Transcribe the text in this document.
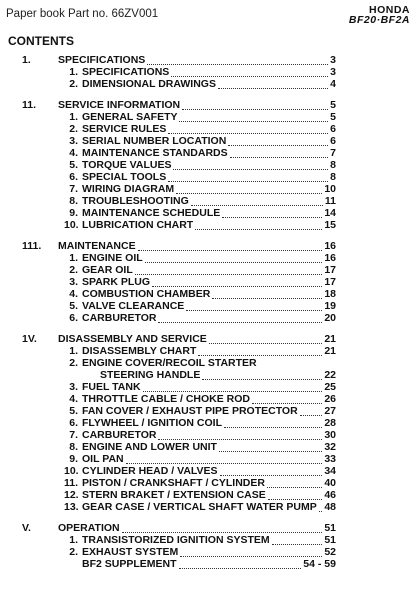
Paper book Part no. 66ZV001	HONDA
BF20·BF2A
CONTENTS
1.	SPECIFICATIONS	3
1. SPECIFICATIONS	3
2. DIMENSIONAL DRAWINGS	4
11. SERVICE INFORMATION	5
1. GENERAL SAFETY	5
2. SERVICE RULES	6
3. SERIAL NUMBER LOCATION	6
4. MAINTENANCE STANDARDS	7
5. TORQUE VALUES	8
6. SPECIAL TOOLS	8
7. WIRING DIAGRAM	10
8. TROUBLESHOOTING	11
9. MAINTENANCE SCHEDULE	14
10. LUBRICATION CHART	15
111. MAINTENANCE	16
1. ENGINE OIL	16
2. GEAR OIL	17
3. SPARK PLUG	17
4. COMBUSTION CHAMBER	18
5. VALVE CLEARANCE	19
6. CARBURETOR	20
1V. DISASSEMBLY AND SERVICE	21
1. DISASSEMBLY CHART	21
2. ENGINE COVER/RECOIL STARTER
STEERING HANDLE	22
3. FUEL TANK	25
4. THROTTLE CABLE / CHOKE ROD	26
5. FAN COVER / EXHAUST PIPE PROTECTOR	27
6. FLYWHEEL / IGNITION COIL	28
7. CARBURETOR	30
8. ENGINE AND LOWER UNIT	32
9. OIL PAN	33
10. CYLINDER HEAD / VALVES	34
11. PISTON / CRANKSHAFT / CYLINDER	40
12. STERN BRAKET / EXTENSION CASE	46
13. GEAR CASE / VERTICAL SHAFT WATER PUMP 48
V.	OPERATION	51
1. TRANSISTORIZED IGNITION SYSTEM	51
2. EXHAUST SYSTEM	52
BF2 SUPPLEMENT	54 - 59
